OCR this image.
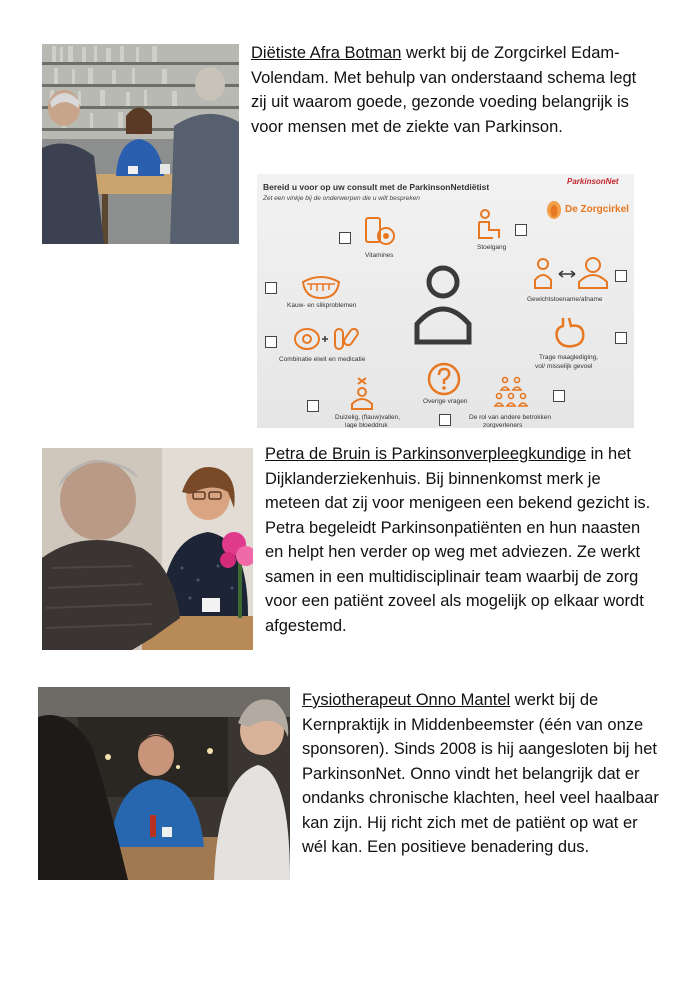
Diëtiste Afra Botman werkt bij de Zorgcirkel Edam-Volendam. Met behulp van onderstaand schema legt zij uit waarom goede, gezonde voeding belangrijk is voor mensen met de ziekte van Parkinson.
Bereid u voor op uw consult met de ParkinsonNetdiëtist
Zet een vinkje bij de onderwerpen die u wilt bespreken
ParkinsonNet
De Zorgcirkel
Vitamines
Stoelgang
Kauw- en slikproblemen
Gewichtstoename/afname
Combinatie eiwit en medicatie	Trage maaglediging,
vol/ misselijk gevoel
Overige vragen
Duizelig, (flauw)vallen,
lage bloeddruk
De rol van andere betrokken
zorgverleners

Petra de Bruin is Parkinsonverpleegkundige in het Dijklanderziekenhuis. Bij binnenkomst merk je meteen dat zij voor menigeen een bekend gezicht is.

Petra begeleidt Parkinsonpatiënten en hun naasten en helpt hen verder op weg met adviezen. Ze werkt samen in een multidisciplinair team waarbij de zorg voor een patiënt zoveel als mogelijk op elkaar wordt afgestemd.

Fysiotherapeut Onno Mantel werkt bij de Kernpraktijk in Middenbeemster (één van onze sponsoren). Sinds 2008 is hij aangesloten bij het ParkinsonNet. Onno vindt het belangrijk dat er ondanks chronische klachten, heel veel haalbaar kan zijn. Hij richt zich met de patiënt op wat er wél kan. Een positieve benadering dus.
